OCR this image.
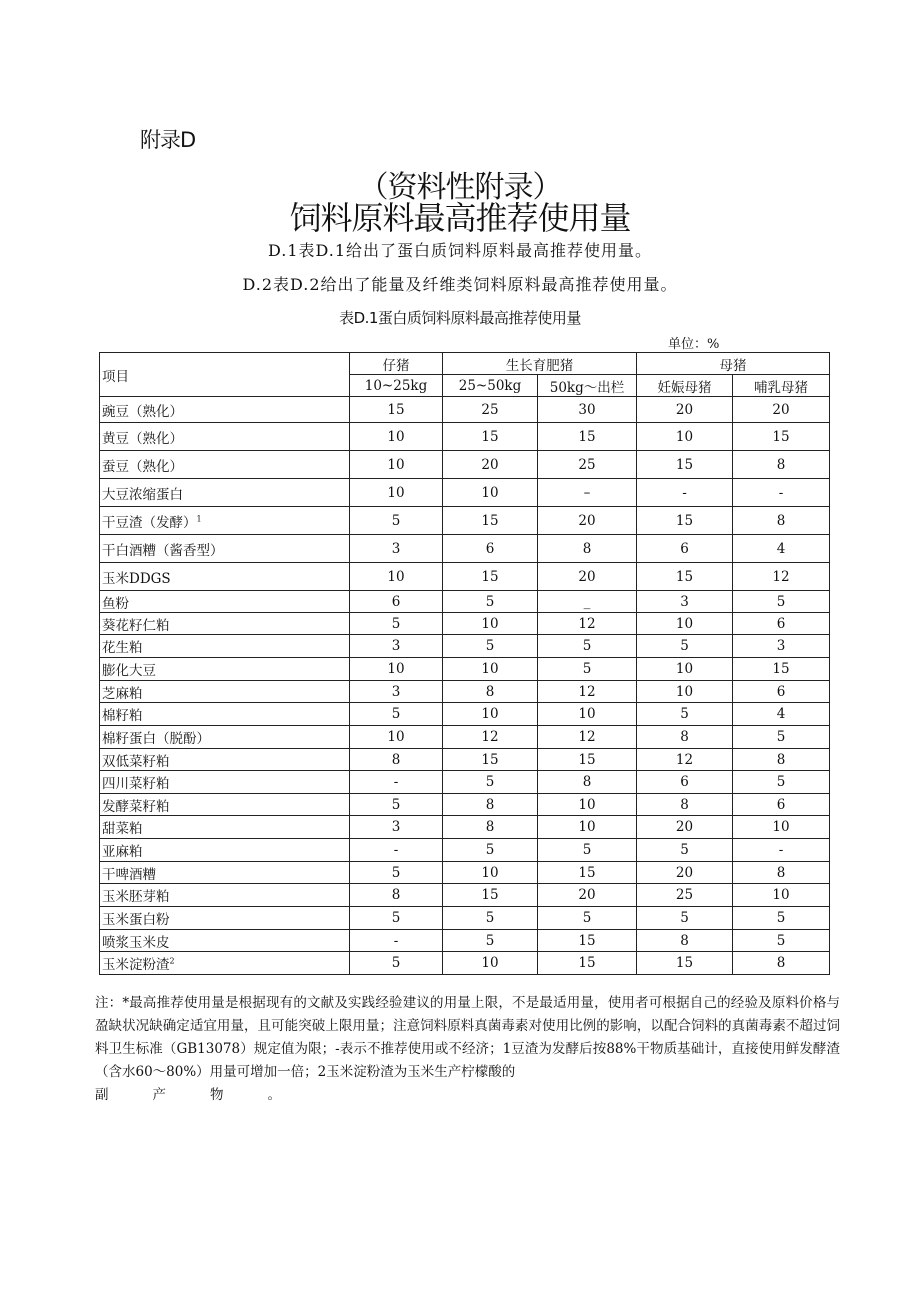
附录D
（资料性附录）
饲料原料最高推荐使用量
D.1表D.1给出了蛋白质饲料原料最高推荐使用量。
D.2表D.2给出了能量及纤维类饲料原料最高推荐使用量。
表D.1蛋白质饲料原料最高推荐使用量
单位：%
项目	仔猪	生长育肥猪		母猪	
	10~25kg	25~50kg	50kg～出栏	妊娠母猪	哺乳母猪
豌豆（熟化）	15	25	30	20	20
黄豆（熟化）	10	15	15	10	15
蚕豆（熟化）	10	20	25	15	8
大豆浓缩蛋白	10	10	–	-	-
干豆渣（发酵）$^1$	5	15	20	15	8
干白酒糟（酱香型）	3	6	8	6	4
玉米DDGS	10	15	20	15	12
鱼粉	6	5	_	3	5
葵花籽仁粕	5	10	12	10	6
花生粕	3	5	5	5	3
膨化大豆	10	10	5	10	15
芝麻粕	3	8	12	10	6
棉籽粕	5	10	10	5	4
棉籽蛋白（脱酚）	10	12	12	8	5
双低菜籽粕	8	15	15	12	8
四川菜籽粕	-	5	8	6	5
发酵菜籽粕	5	8	10	8	6
甜菜粕	3	8	10	20	10
亚麻粕	-	5	5	5	-
干啤酒糟	5	10	15	20	8
玉米胚芽粕	8	15	20	25	10
玉米蛋白粉	5	5	5	5	5
喷浆玉米皮	-	5	15	8	5
玉米淀粉渣$^2$	5	10	15	15	8
注：*最高推荐使用量是根据现有的文献及实践经验建议的用量上限，不是最适用量，使用者可根据自己的经验及原料价格与盈缺状况缺确定适宜用量，且可能突破上限用量；注意饲料原料真菌毒素对使用比例的影响，以配合饲料的真菌毒素不超过饲料卫生标准（GB13078）规定值为限；-表示不推荐使用或不经济；1豆渣为发酵后按88%干物质基础计，直接使用鲜发酵渣（含水60～80%）用量可增加一倍；2玉米淀粉渣为玉米生产柠檬酸的
副产物。
